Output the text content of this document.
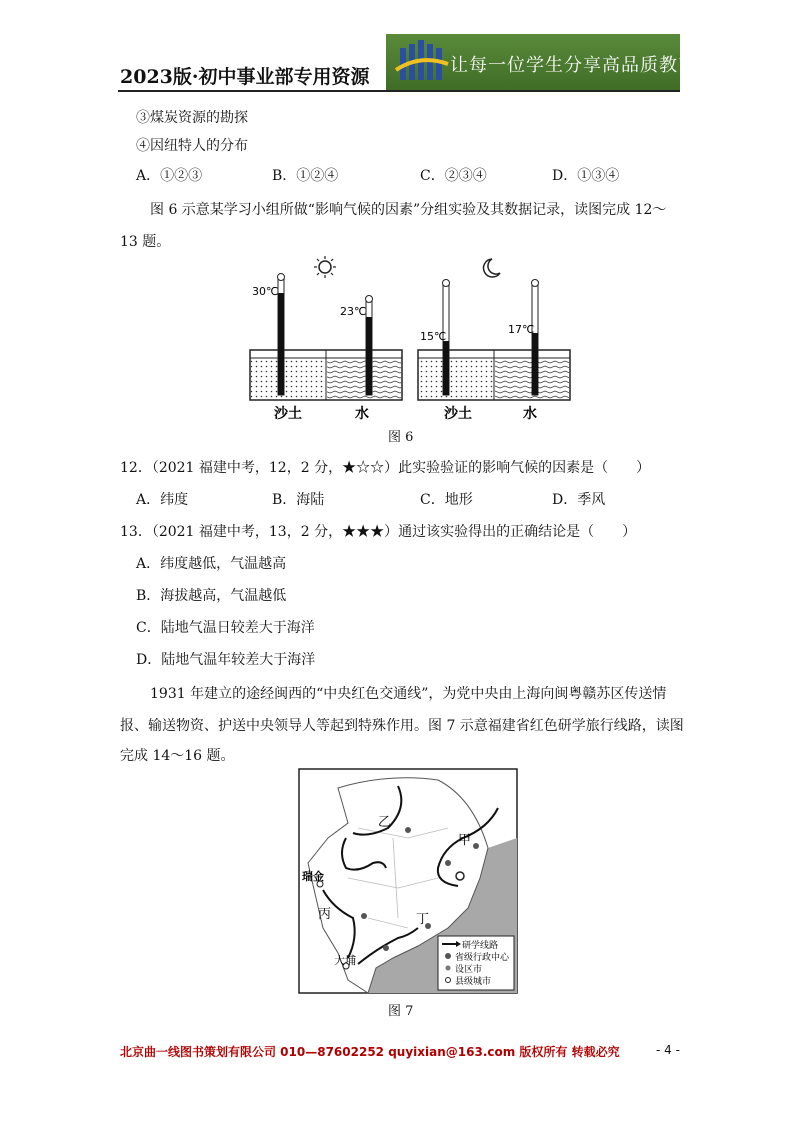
2023版·初中事业部专用资源
让每一位学生分享高品质教育
③煤炭资源的勘探
④因纽特人的分布
A．①②③	B．①②④	C．②③④	D．①③④
图 6 示意某学习小组所做“影响气候的因素”分组实验及其数据记录，读图完成 12～
13 题。
30℃
23℃
15℃
17℃
沙土	水	沙土	水
图 6
12．（2021 福建中考，12，2 分，★☆☆）此实验验证的影响气候的因素是（　　）
A．纬度	B．海陆	C．地形	D．季风
13．（2021 福建中考，13，2 分，★★★）通过该实验得出的正确结论是（　　）
A．纬度越低，气温越高
B．海拔越高，气温越低
C．陆地气温日较差大于海洋
D．陆地气温年较差大于海洋
1931 年建立的途经闽西的“中央红色交通线”，为党中央由上海向闽粤赣苏区传送情
报、输送物资、护送中央领导人等起到特殊作用。图 7 示意福建省红色研学旅行线路，读图
完成 14～16 题。
乙
甲
丙	丁
瑞金
大埔
研学线路
省级行政中心
设区市
县级城市
图 7
北京曲一线图书策划有限公司 010—87602252 quyixian@163.com 版权所有 转载必究	- 4 -
